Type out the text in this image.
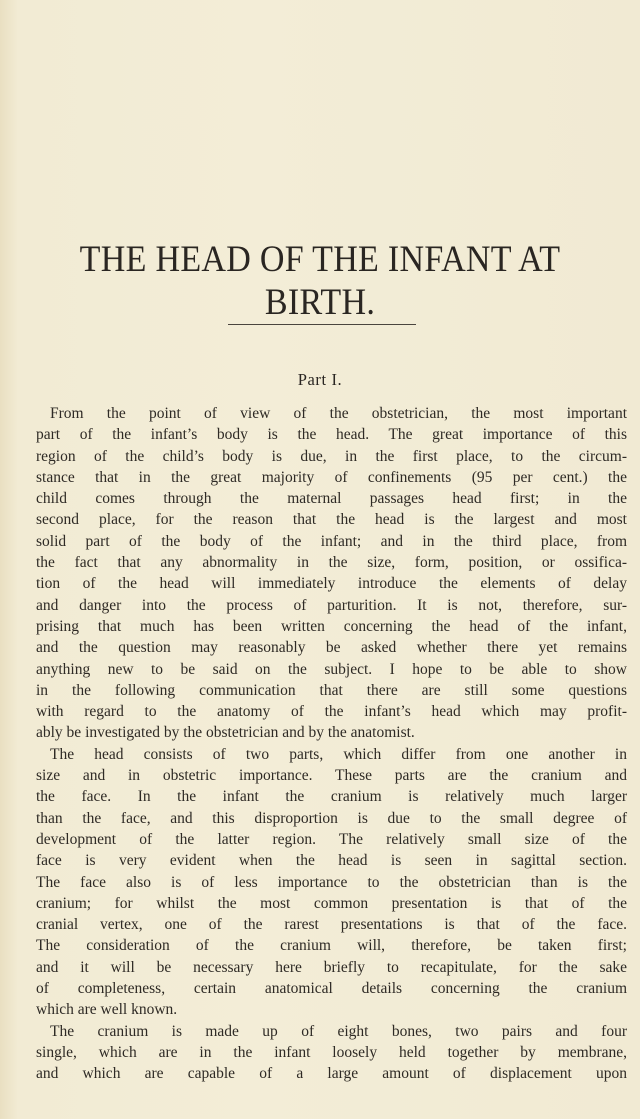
THE HEAD OF THE INFANT AT BIRTH.
Part I.
From the point of view of the obstetrician, the most important
part of the infant’s body is the head. The great importance of this
region of the child’s body is due, in the first place, to the circum-
stance that in the great majority of confinements (95 per cent.) the
child comes through the maternal passages head first; in the
second place, for the reason that the head is the largest and most
solid part of the body of the infant; and in the third place, from
the fact that any abnormality in the size, form, position, or ossifica-
tion of the head will immediately introduce the elements of delay
and danger into the process of parturition. It is not, therefore, sur-
prising that much has been written concerning the head of the infant,
and the question may reasonably be asked whether there yet remains
anything new to be said on the subject. I hope to be able to show
in the following communication that there are still some questions
with regard to the anatomy of the infant’s head which may profit-
ably be investigated by the obstetrician and by the anatomist.
The head consists of two parts, which differ from one another in
size and in obstetric importance. These parts are the cranium and
the face. In the infant the cranium is relatively much larger
than the face, and this disproportion is due to the small degree of
development of the latter region. The relatively small size of the
face is very evident when the head is seen in sagittal section.
The face also is of less importance to the obstetrician than is the
cranium; for whilst the most common presentation is that of the
cranial vertex, one of the rarest presentations is that of the face.
The consideration of the cranium will, therefore, be taken first;
and it will be necessary here briefly to recapitulate, for the sake
of completeness, certain anatomical details concerning the cranium
which are well known.
The cranium is made up of eight bones, two pairs and four
single, which are in the infant loosely held together by membrane,
and which are capable of a large amount of displacement upon
